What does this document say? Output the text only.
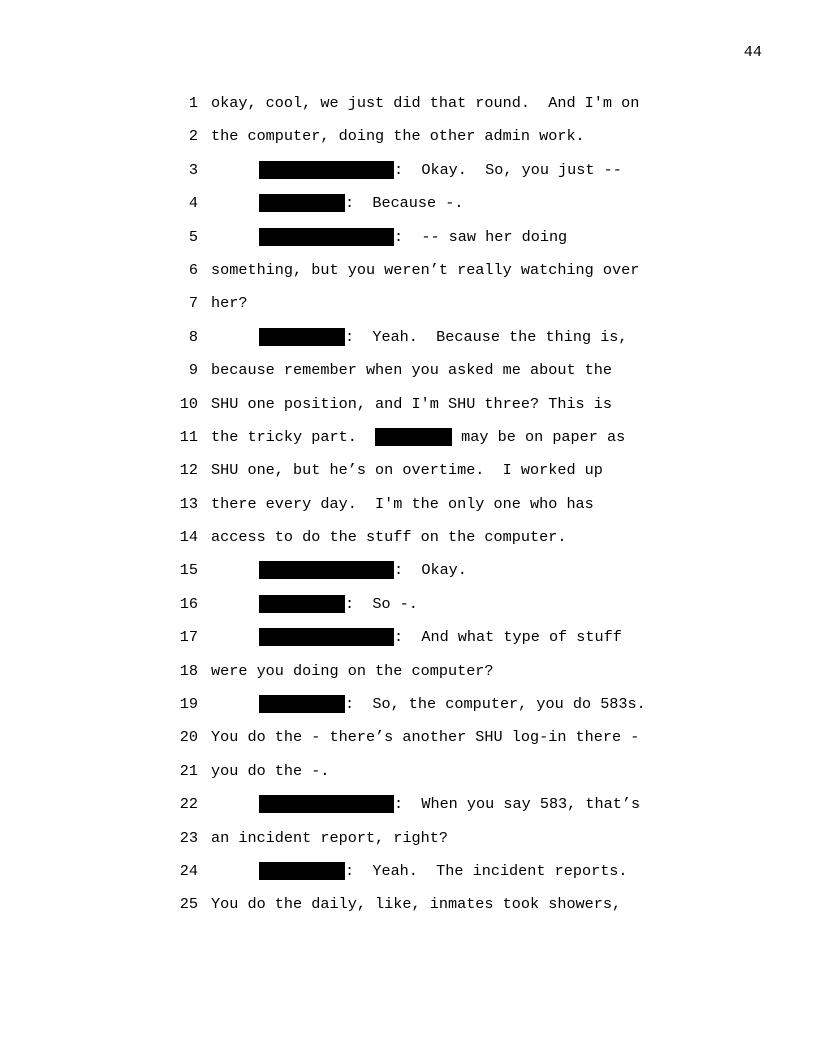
44
1 okay, cool, we just did that round.  And I'm on
2 the computer, doing the other admin work.
3	:  Okay.  So, you just --
4	:  Because -.
5	:  -- saw her doing
6 something, but you weren’t really watching over
7 her?
8	:  Yeah.  Because the thing is,
9 because remember when you asked me about the
10 SHU one position, and I'm SHU three? This is
11 the tricky part.	may be on paper as
12 SHU one, but he’s on overtime.  I worked up
13 there every day.  I'm the only one who has
14 access to do the stuff on the computer.
15	:  Okay.
16	:  So -.
17	:  And what type of stuff
18 were you doing on the computer?
19	:  So, the computer, you do 583s.
20 You do the - there’s another SHU log-in there -
21 you do the -.
22	:  When you say 583, that’s
23 an incident report, right?
24	:  Yeah.  The incident reports.
25 You do the daily, like, inmates took showers,
